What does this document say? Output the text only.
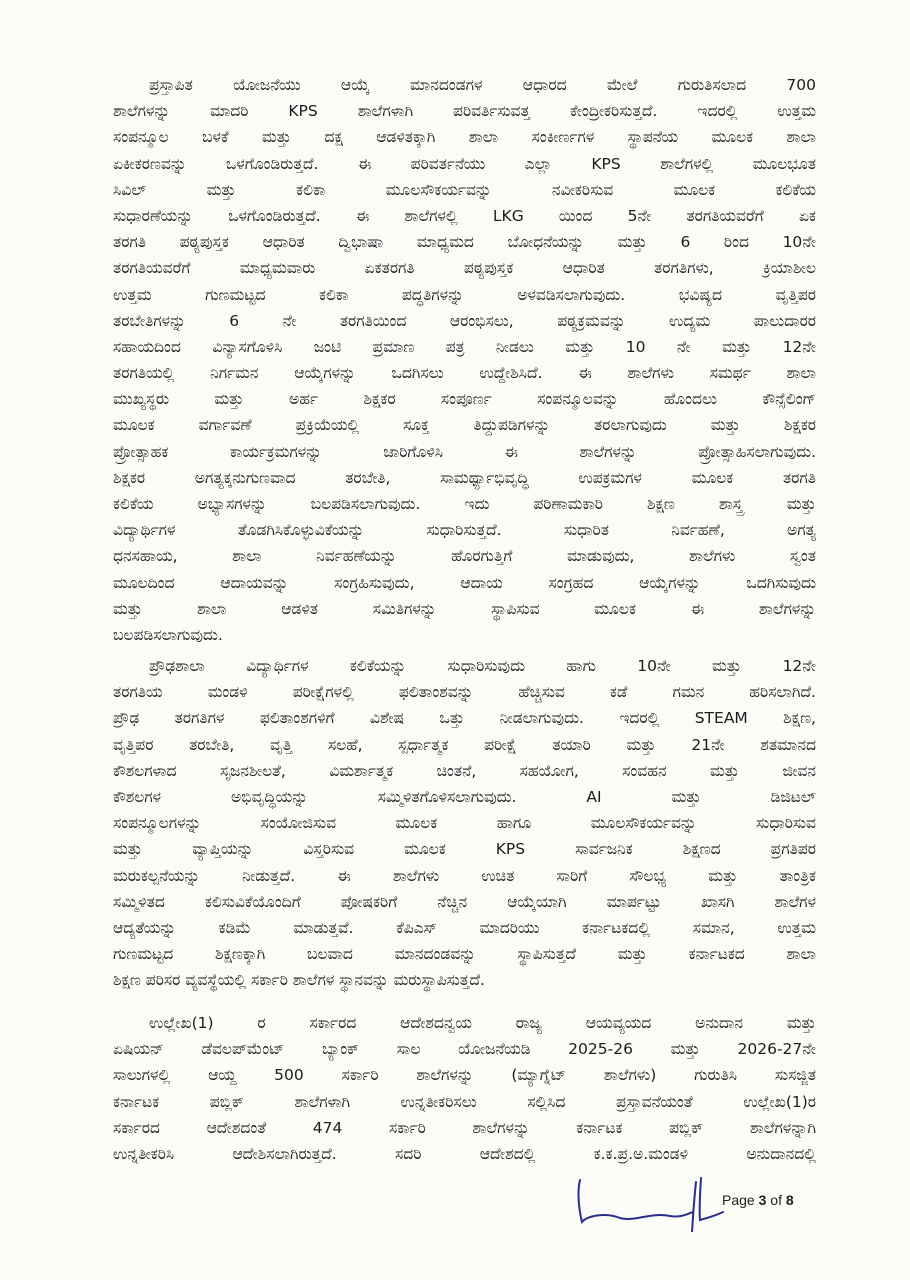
ಪ್ರಸ್ತಾಪಿತ ಯೋಜನೆಯು ಆಯ್ಕೆ ಮಾನದಂಡಗಳ ಆಧಾರದ ಮೇಲೆ ಗುರುತಿಸಲಾದ 700
ಶಾಲೆಗಳನ್ನು ಮಾದರಿ KPS ಶಾಲೆಗಳಾಗಿ ಪರಿವರ್ತಿಸುವತ್ತ ಕೇಂದ್ರೀಕರಿಸುತ್ತದೆ. ಇದರಲ್ಲಿ ಉತ್ತಮ
ಸಂಪನ್ಮೂಲ ಬಳಕೆ ಮತ್ತು ದಕ್ಷ ಆಡಳಿತಕ್ಕಾಗಿ ಶಾಲಾ ಸಂಕೀರ್ಣಗಳ ಸ್ಥಾಪನೆಯ ಮೂಲಕ ಶಾಲಾ
ಏಕೀಕರಣವನ್ನು ಒಳಗೊಂಡಿರುತ್ತದೆ. ಈ ಪರಿವರ್ತನೆಯು ಎಲ್ಲಾ KPS ಶಾಲೆಗಳಲ್ಲಿ ಮೂಲಭೂತ
ಸಿವಿಲ್ ಮತ್ತು ಕಲಿಕಾ ಮೂಲಸೌಕರ್ಯವನ್ನು ನವೀಕರಿಸುವ ಮೂಲಕ ಕಲಿಕೆಯ
ಸುಧಾರಣೆಯನ್ನು ಒಳಗೊಂಡಿರುತ್ತದೆ. ಈ ಶಾಲೆಗಳಲ್ಲಿ LKG ಯಿಂದ 5ನೇ ತರಗತಿಯವರೆಗೆ ಏಕ
ತರಗತಿ ಪಠ್ಯಪುಸ್ತಕ ಆಧಾರಿತ ದ್ವಿಭಾಷಾ ಮಾಧ್ಯಮದ ಬೋಧನೆಯನ್ನು ಮತ್ತು 6 ರಿಂದ 10ನೇ
ತರಗತಿಯವರೆಗೆ ಮಾಧ್ಯಮವಾರು ಏಕತರಗತಿ ಪಠ್ಯಪುಸ್ತಕ ಆಧಾರಿತ ತರಗತಿಗಳು, ಕ್ರಿಯಾಶೀಲ
ಉತ್ತಮ ಗುಣಮಟ್ಟದ ಕಲಿಕಾ ಪದ್ಧತಿಗಳನ್ನು ಅಳವಡಿಸಲಾಗುವುದು. ಭವಿಷ್ಯದ ವೃತ್ತಿಪರ
ತರಬೇತಿಗಳನ್ನು 6 ನೇ ತರಗತಿಯಿಂದ ಆರಂಭಿಸಲು, ಪಠ್ಯಕ್ರಮವನ್ನು ಉದ್ಯಮ ಪಾಲುದಾರರ
ಸಹಾಯದಿಂದ ವಿನ್ಯಾಸಗೊಳಿಸಿ ಜಂಟಿ ಪ್ರಮಾಣ ಪತ್ರ ನೀಡಲು ಮತ್ತು 10 ನೇ ಮತ್ತು 12ನೇ
ತರಗತಿಯಲ್ಲಿ ನಿರ್ಗಮನ ಆಯ್ಕೆಗಳನ್ನು ಒದಗಿಸಲು ಉದ್ದೇಶಿಸಿದೆ. ಈ ಶಾಲೆಗಳು ಸಮರ್ಥ ಶಾಲಾ
ಮುಖ್ಯಸ್ಥರು ಮತ್ತು ಅರ್ಹ ಶಿಕ್ಷಕರ ಸಂಪೂರ್ಣ ಸಂಪನ್ಮೂಲವನ್ನು ಹೊಂದಲು ಕೌನ್ಸೆಲಿಂಗ್
ಮೂಲಕ ವರ್ಗಾವಣೆ ಪ್ರಕ್ರಿಯೆಯಲ್ಲಿ ಸೂಕ್ತ ತಿದ್ದುಪಡಿಗಳನ್ನು ತರಲಾಗುವುದು ಮತ್ತು ಶಿಕ್ಷಕರ
ಪ್ರೋತ್ಸಾಹಕ ಕಾರ್ಯಕ್ರಮಗಳನ್ನು ಜಾರಿಗೊಳಿಸಿ ಈ ಶಾಲೆಗಳನ್ನು ಪ್ರೋತ್ಸಾಹಿಸಲಾಗುವುದು.
ಶಿಕ್ಷಕರ ಅಗತ್ಯಕ್ಕನುಗುಣವಾದ ತರಬೇತಿ, ಸಾಮರ್ಥ್ಯಾಭಿವೃದ್ಧಿ ಉಪಕ್ರಮಗಳ ಮೂಲಕ ತರಗತಿ
ಕಲಿಕೆಯ ಅಭ್ಯಾಸಗಳನ್ನು ಬಲಪಡಿಸಲಾಗುವುದು. ಇದು ಪರಿಣಾಮಕಾರಿ ಶಿಕ್ಷಣ ಶಾಸ್ತ್ರ ಮತ್ತು
ವಿದ್ಯಾರ್ಥಿಗಳ ತೊಡಗಿಸಿಕೊಳ್ಳುವಿಕೆಯನ್ನು ಸುಧಾರಿಸುತ್ತದೆ. ಸುಧಾರಿತ ನಿರ್ವಹಣೆ, ಅಗತ್ಯ
ಧನಸಹಾಯ, ಶಾಲಾ ನಿರ್ವಹಣೆಯನ್ನು ಹೊರಗುತ್ತಿಗೆ ಮಾಡುವುದು, ಶಾಲೆಗಳು ಸ್ವಂತ
ಮೂಲದಿಂದ ಆದಾಯವನ್ನು ಸಂಗ್ರಹಿಸುವುದು, ಆದಾಯ ಸಂಗ್ರಹದ ಆಯ್ಕೆಗಳನ್ನು ಒದಗಿಸುವುದು
ಮತ್ತು ಶಾಲಾ ಆಡಳಿತ ಸಮಿತಿಗಳನ್ನು ಸ್ಥಾಪಿಸುವ ಮೂಲಕ ಈ ಶಾಲೆಗಳನ್ನು
ಬಲಪಡಿಸಲಾಗುವುದು.
ಪ್ರೌಢಶಾಲಾ ವಿದ್ಯಾರ್ಥಿಗಳ ಕಲಿಕೆಯನ್ನು ಸುಧಾರಿಸುವುದು ಹಾಗು 10ನೇ ಮತ್ತು 12ನೇ
ತರಗತಿಯ ಮಂಡಳಿ ಪರೀಕ್ಷೆಗಳಲ್ಲಿ ಫಲಿತಾಂಶವನ್ನು ಹೆಚ್ಚಿಸುವ ಕಡೆ ಗಮನ ಹರಿಸಲಾಗಿದೆ.
ಪ್ರೌಢ ತರಗತಿಗಳ ಫಲಿತಾಂಶಗಳಿಗೆ ವಿಶೇಷ ಒತ್ತು ನೀಡಲಾಗುವುದು. ಇದರಲ್ಲಿ STEAM ಶಿಕ್ಷಣ,
ವೃತ್ತಿಪರ ತರಬೇತಿ, ವೃತ್ತಿ ಸಲಹೆ, ಸ್ಪರ್ಧಾತ್ಮಕ ಪರೀಕ್ಷೆ ತಯಾರಿ ಮತ್ತು 21ನೇ ಶತಮಾನದ
ಕೌಶಲಗಳಾದ ಸೃಜನಶೀಲತೆ, ವಿಮರ್ಶಾತ್ಮಕ ಚಿಂತನೆ, ಸಹಯೋಗ, ಸಂವಹನ ಮತ್ತು ಜೀವನ
ಕೌಶಲಗಳ ಅಭಿವೃದ್ಧಿಯನ್ನು ಸಮ್ಮಿಳಿತಗೊಳಿಸಲಾಗುವುದು. AI ಮತ್ತು ಡಿಜಿಟಲ್
ಸಂಪನ್ಮೂಲಗಳನ್ನು ಸಂಯೋಜಿಸುವ ಮೂಲಕ ಹಾಗೂ ಮೂಲಸೌಕರ್ಯವನ್ನು ಸುಧಾರಿಸುವ
ಮತ್ತು ವ್ಯಾಪ್ತಿಯನ್ನು ವಿಸ್ತರಿಸುವ ಮೂಲಕ KPS ಸಾರ್ವಜನಿಕ ಶಿಕ್ಷಣದ ಪ್ರಗತಿಪರ
ಮರುಕಲ್ಪನೆಯನ್ನು ನೀಡುತ್ತದೆ. ಈ ಶಾಲೆಗಳು ಉಚಿತ ಸಾರಿಗೆ ಸೌಲಭ್ಯ ಮತ್ತು ತಾಂತ್ರಿಕ
ಸಮ್ಮಿಳಿತದ ಕಲಿಸುವಿಕೆಯೊಂದಿಗೆ ಪೋಷಕರಿಗೆ ನೆಚ್ಚಿನ ಆಯ್ಕೆಯಾಗಿ ಮಾರ್ಪಟ್ಟು ಖಾಸಗಿ ಶಾಲೆಗಳ
ಆದ್ಯತೆಯನ್ನು ಕಡಿಮೆ ಮಾಡುತ್ತವೆ. ಕೆಪಿಎಸ್ ಮಾದರಿಯು ಕರ್ನಾಟಕದಲ್ಲಿ ಸಮಾನ, ಉತ್ತಮ
ಗುಣಮಟ್ಟದ ಶಿಕ್ಷಣಕ್ಕಾಗಿ ಬಲವಾದ ಮಾನದಂಡವನ್ನು ಸ್ಥಾಪಿಸುತ್ತದೆ ಮತ್ತು ಕರ್ನಾಟಕದ ಶಾಲಾ
ಶಿಕ್ಷಣ ಪರಿಸರ ವ್ಯವಸ್ಥೆಯಲ್ಲಿ ಸರ್ಕಾರಿ ಶಾಲೆಗಳ ಸ್ಥಾನವನ್ನು ಮರುಸ್ಥಾಪಿಸುತ್ತದೆ.
ಉಲ್ಲೇಖ(1) ರ ಸರ್ಕಾರದ ಆದೇಶದನ್ವಯ ರಾಜ್ಯ ಆಯವ್ಯಯದ ಅನುದಾನ ಮತ್ತು
ಏಷಿಯನ್ ಡೆವಲಪ್‌ಮೆಂಟ್ ಬ್ಯಾಂಕ್ ಸಾಲ ಯೋಜನೆಯಡಿ 2025-26 ಮತ್ತು 2026-27ನೇ
ಸಾಲುಗಳಲ್ಲಿ ಆಯ್ದ 500 ಸರ್ಕಾರಿ ಶಾಲೆಗಳನ್ನು (ಮ್ಯಾಗ್ನೆಟ್ ಶಾಲೆಗಳು) ಗುರುತಿಸಿ ಸುಸಜ್ಜಿತ
ಕರ್ನಾಟಕ ಪಬ್ಲಿಕ್ ಶಾಲೆಗಳಾಗಿ ಉನ್ನತೀಕರಿಸಲು ಸಲ್ಲಿಸಿದ ಪ್ರಸ್ತಾವನೆಯಂತೆ ಉಲ್ಲೇಖ(1)ರ
ಸರ್ಕಾರದ ಆದೇಶದಂತೆ 474 ಸರ್ಕಾರಿ ಶಾಲೆಗಳನ್ನು ಕರ್ನಾಟಕ ಪಬ್ಲಿಕ್ ಶಾಲೆಗಳನ್ನಾಗಿ
ಉನ್ನತೀಕರಿಸಿ ಆದೇಶಿಸಲಾಗಿರುತ್ತದೆ. ಸದರಿ ಆದೇಶದಲ್ಲಿ ಕ.ಕ.ಪ್ರ.ಅ.ಮಂಡಳಿ ಅನುದಾನದಲ್ಲಿ
Page 3 of 8
